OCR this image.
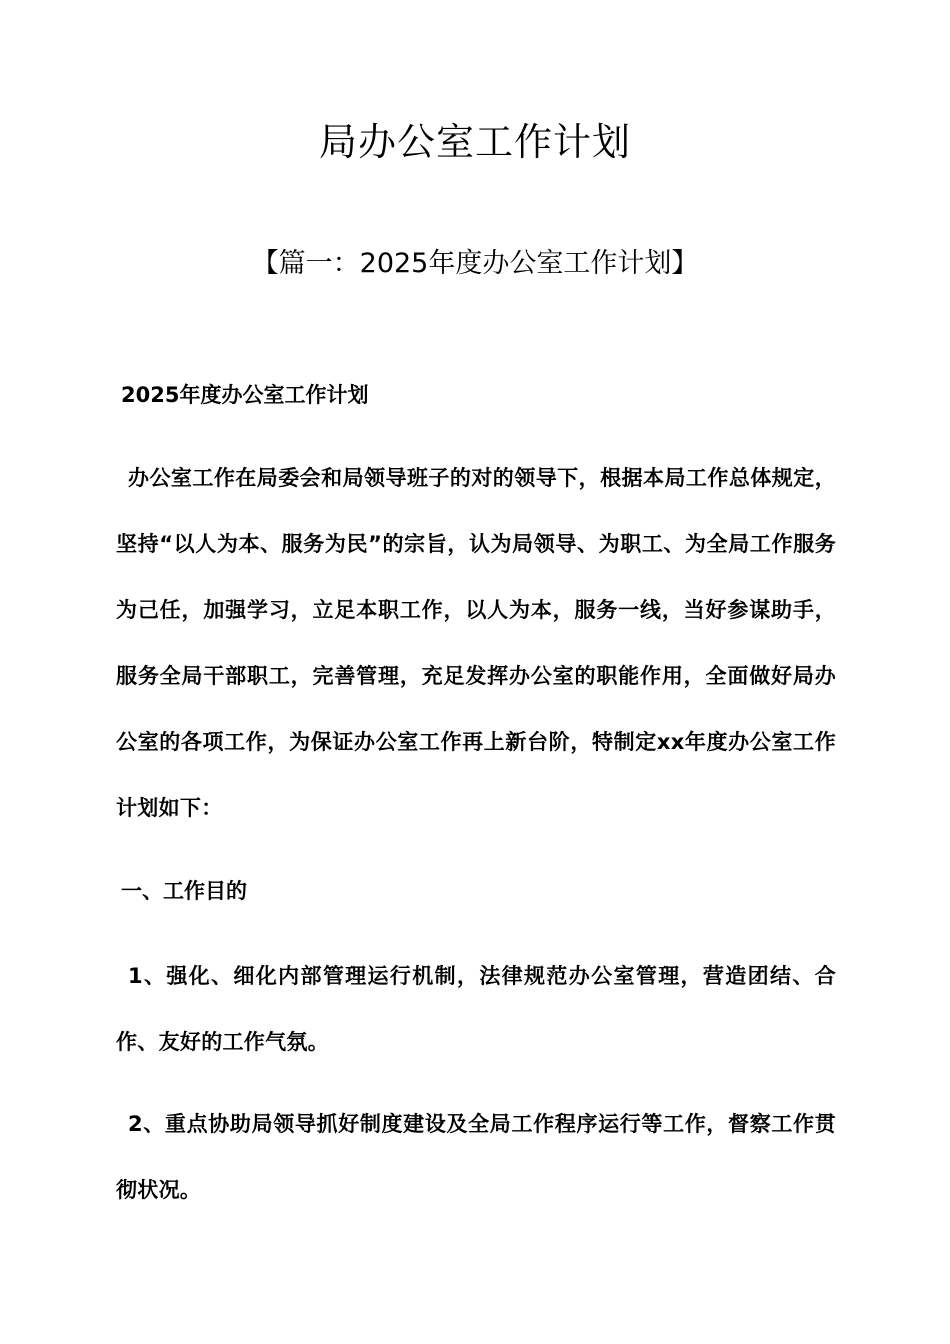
局办公室工作计划
【篇一：2025年度办公室工作计划】
2025年度办公室工作计划

办公室工作在局委会和局领导班子的对的领导下，根据本局工作总体规定，坚持“以人为本、服务为民”的宗旨，认为局领导、为职工、为全局工作服务为己任，加强学习，立足本职工作，以人为本，服务一线，当好参谋助手，服务全局干部职工，完善管理，充足发挥办公室的职能作用，全面做好局办公室的各项工作，为保证办公室工作再上新台阶，特制定xx年度办公室工作计划如下：

一、工作目的

1、强化、细化内部管理运行机制，法律规范办公室管理，营造团结、合作、友好的工作气氛。

2、重点协助局领导抓好制度建设及全局工作程序运行等工作，督察工作贯彻状况。
